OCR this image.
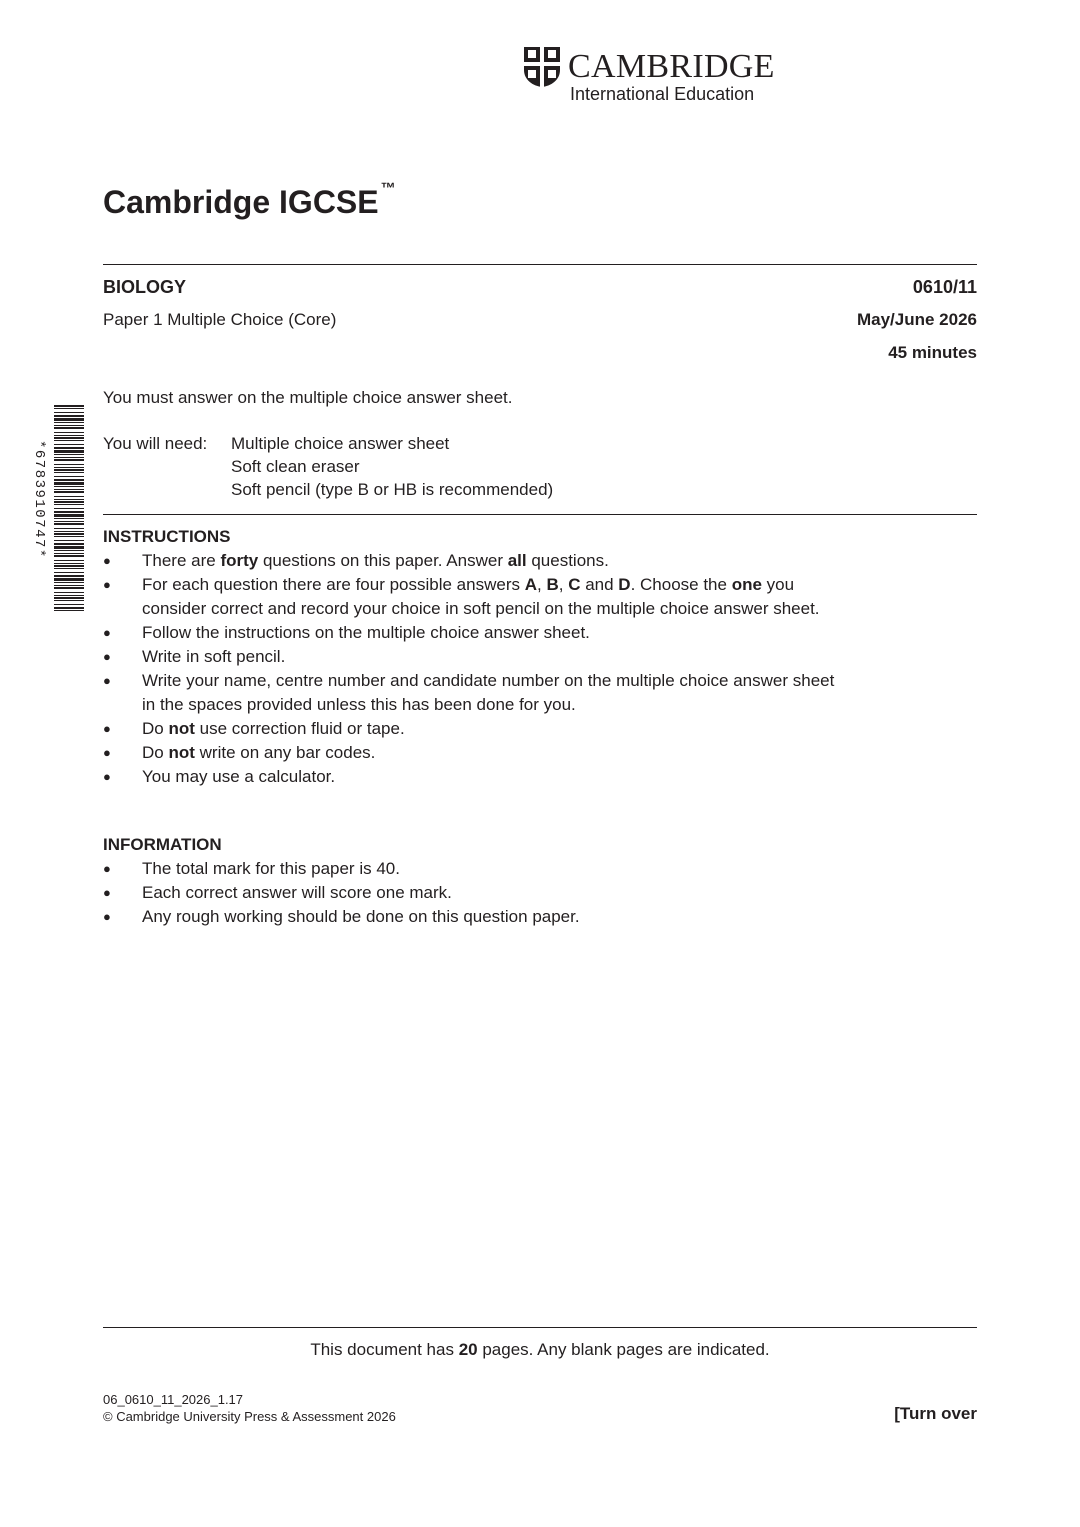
CAMBRIDGE
International Education
Cambridge IGCSE ™
BIOLOGY	0610/11
Paper 1 Multiple Choice (Core)	May/June 2026
45 minutes
You must answer on the multiple choice answer sheet.
You will need: Multiple choice answer sheet
Soft clean eraser
Soft pencil (type B or HB is recommended)
*6783910747*	INSTRUCTIONS
● There are forty questions on this paper. Answer all questions.
● For each question there are four possible answers A, B, C and D. Choose the one you
consider correct and record your choice in soft pencil on the multiple choice answer sheet.
● Follow the instructions on the multiple choice answer sheet.
● Write in soft pencil.
● Write your name, centre number and candidate number on the multiple choice answer sheet
in the spaces provided unless this has been done for you.
● Do not use correction fluid or tape.
● Do not write on any bar codes.
● You may use a calculator.
INFORMATION
● The total mark for this paper is 40.
● Each correct answer will score one mark.
● Any rough working should be done on this question paper.
This document has 20 pages. Any blank pages are indicated.
06_0610_11_2026_1.17
© Cambridge University Press & Assessment 2026	[Turn over
